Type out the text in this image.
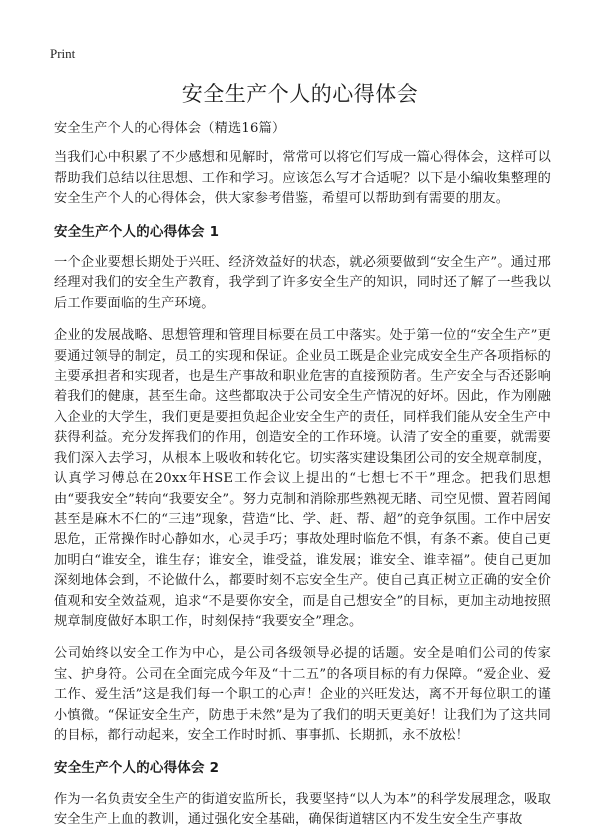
Print
安全生产个人的心得体会

安全生产个人的心得体会（精选16篇）

当我们心中积累了不少感想和见解时，常常可以将它们写成一篇心得体会，这样可以帮助我们总结以往思想、工作和学习。应该怎么写才合适呢？以下是小编收集整理的安全生产个人的心得体会，供大家参考借鉴，希望可以帮助到有需要的朋友。

安全生产个人的心得体会 1

一个企业要想长期处于兴旺、经济效益好的状态，就必须要做到“安全生产”。通过邢经理对我们的安全生产教育，我学到了许多安全生产的知识，同时还了解了一些我以后工作要面临的生产环境。

企业的发展战略、思想管理和管理目标要在员工中落实。处于第一位的“安全生产”更要通过领导的制定，员工的实现和保证。企业员工既是企业完成安全生产各项指标的主要承担者和实现者，也是生产事故和职业危害的直接预防者。生产安全与否还影响着我们的健康，甚至生命。这些都取决于公司安全生产情况的好坏。因此，作为刚融入企业的大学生，我们更是要担负起企业安全生产的责任，同样我们能从安全生产中获得利益。充分发挥我们的作用，创造安全的工作环境。认清了安全的重要，就需要我们深入去学习，从根本上吸收和转化它。切实落实建设集团公司的安全规章制度，认真学习傅总在20xx年HSE工作会议上提出的“七想七不干”理念。把我们思想由“要我安全”转向“我要安全”。努力克制和消除那些熟视无睹、司空见惯、置若罔闻甚至是麻木不仁的“三违”现象，营造“比、学、赶、帮、超”的竞争氛围。工作中居安思危，正常操作时心静如水，心灵手巧；事故处理时临危不惧，有条不紊。使自己更加明白“谁安全，谁生存；谁安全，谁受益，谁发展；谁安全、谁幸福”。使自己更加深刻地体会到，不论做什么，都要时刻不忘安全生产。使自己真正树立正确的安全价值观和安全效益观，追求“不是要你安全，而是自己想安全”的目标，更加主动地按照规章制度做好本职工作，时刻保持“我要安全”理念。

公司始终以安全工作为中心，是公司各级领导必提的话题。安全是咱们公司的传家宝、护身符。公司在全面完成今年及“十二五”的各项目标的有力保障。“爱企业、爱工作、爱生活”这是我们每一个职工的心声！企业的兴旺发达，离不开每位职工的谨小慎微。“保证安全生产，防患于未然”是为了我们的明天更美好！让我们为了这共同的目标，都行动起来，安全工作时时抓、事事抓、长期抓，永不放松！

安全生产个人的心得体会 2

作为一名负责安全生产的街道安监所长，我要坚持“以人为本”的科学发展理念，吸取安全生产上血的教训，通过强化安全基础，确保街道辖区内不发生安全生产事故
